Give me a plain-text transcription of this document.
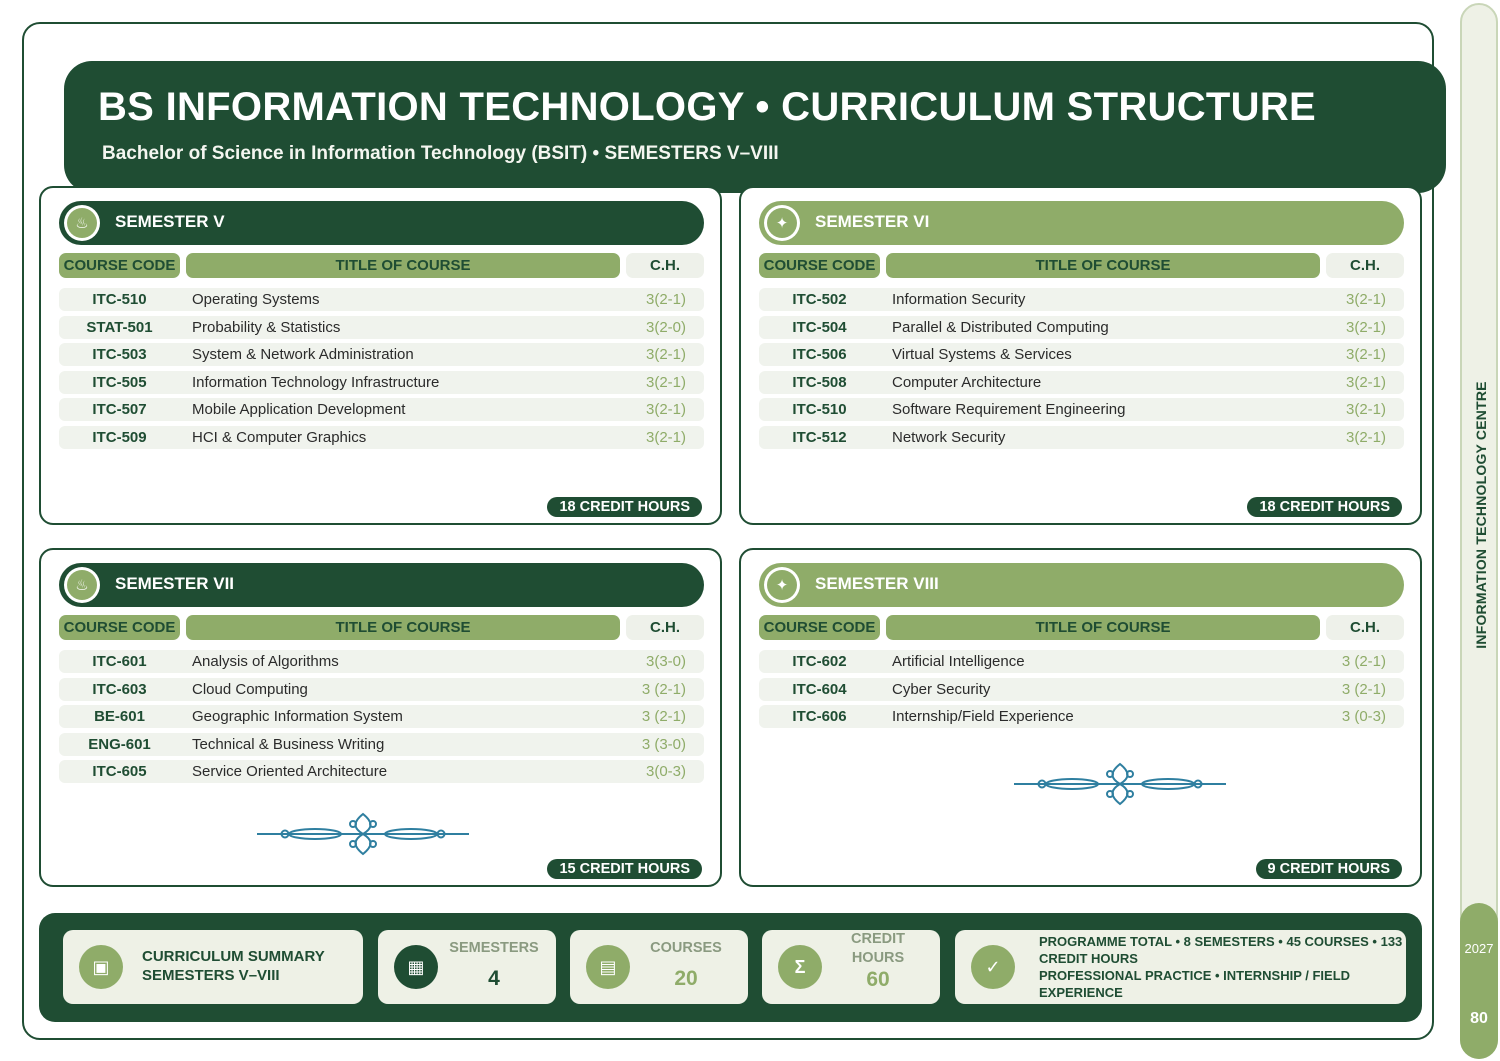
BS INFORMATION TECHNOLOGY • CURRICULUM STRUCTURE
Bachelor of Science in Information Technology (BSIT) • SEMESTERS V–VIII
♨	SEMESTER V
COURSE CODE	TITLE OF COURSE	C.H.
ITC-510	Operating Systems	3(2-1)
STAT-501	Probability & Statistics	3(2-0)
ITC-503	System & Network Administration	3(2-1)
ITC-505	Information Technology Infrastructure	3(2-1)
ITC-507	Mobile Application Development	3(2-1)
ITC-509	HCI & Computer Graphics	3(2-1)
18 CREDIT HOURS
✦	SEMESTER VI
COURSE CODE	TITLE OF COURSE	C.H.
ITC-502	Information Security	3(2-1)
ITC-504	Parallel & Distributed Computing	3(2-1)
ITC-506	Virtual Systems & Services	3(2-1)
ITC-508	Computer Architecture	3(2-1)
ITC-510	Software Requirement Engineering	3(2-1)
ITC-512	Network Security	3(2-1)
18 CREDIT HOURS
♨	SEMESTER VII
COURSE CODE	TITLE OF COURSE	C.H.
ITC-601	Analysis of Algorithms	3(3-0)
ITC-603	Cloud Computing	3 (2-1)
BE-601	Geographic Information System	3 (2-1)
ENG-601	Technical & Business Writing	3 (3-0)
ITC-605	Service Oriented Architecture	3(0-3)
15 CREDIT HOURS
✦	SEMESTER VIII
COURSE CODE	TITLE OF COURSE	C.H.
ITC-602	Artificial Intelligence	3 (2-1)
ITC-604	Cyber Security	3 (2-1)
ITC-606	Internship/Field Experience	3 (0-3)
9 CREDIT HOURS
▣	CURRICULUM SUMMARY
SEMESTERS V–VIII	▦
SEMESTERS
4
▤
COURSES
20
Σ
CREDIT
HOURS
60
✓
PROGRAMME TOTAL • 8 SEMESTERS • 45 COURSES • 133 CREDIT HOURS
PROFESSIONAL PRACTICE • INTERNSHIP / FIELD EXPERIENCE
INFORMATION TECHNOLOGY CENTRE
2027
80
